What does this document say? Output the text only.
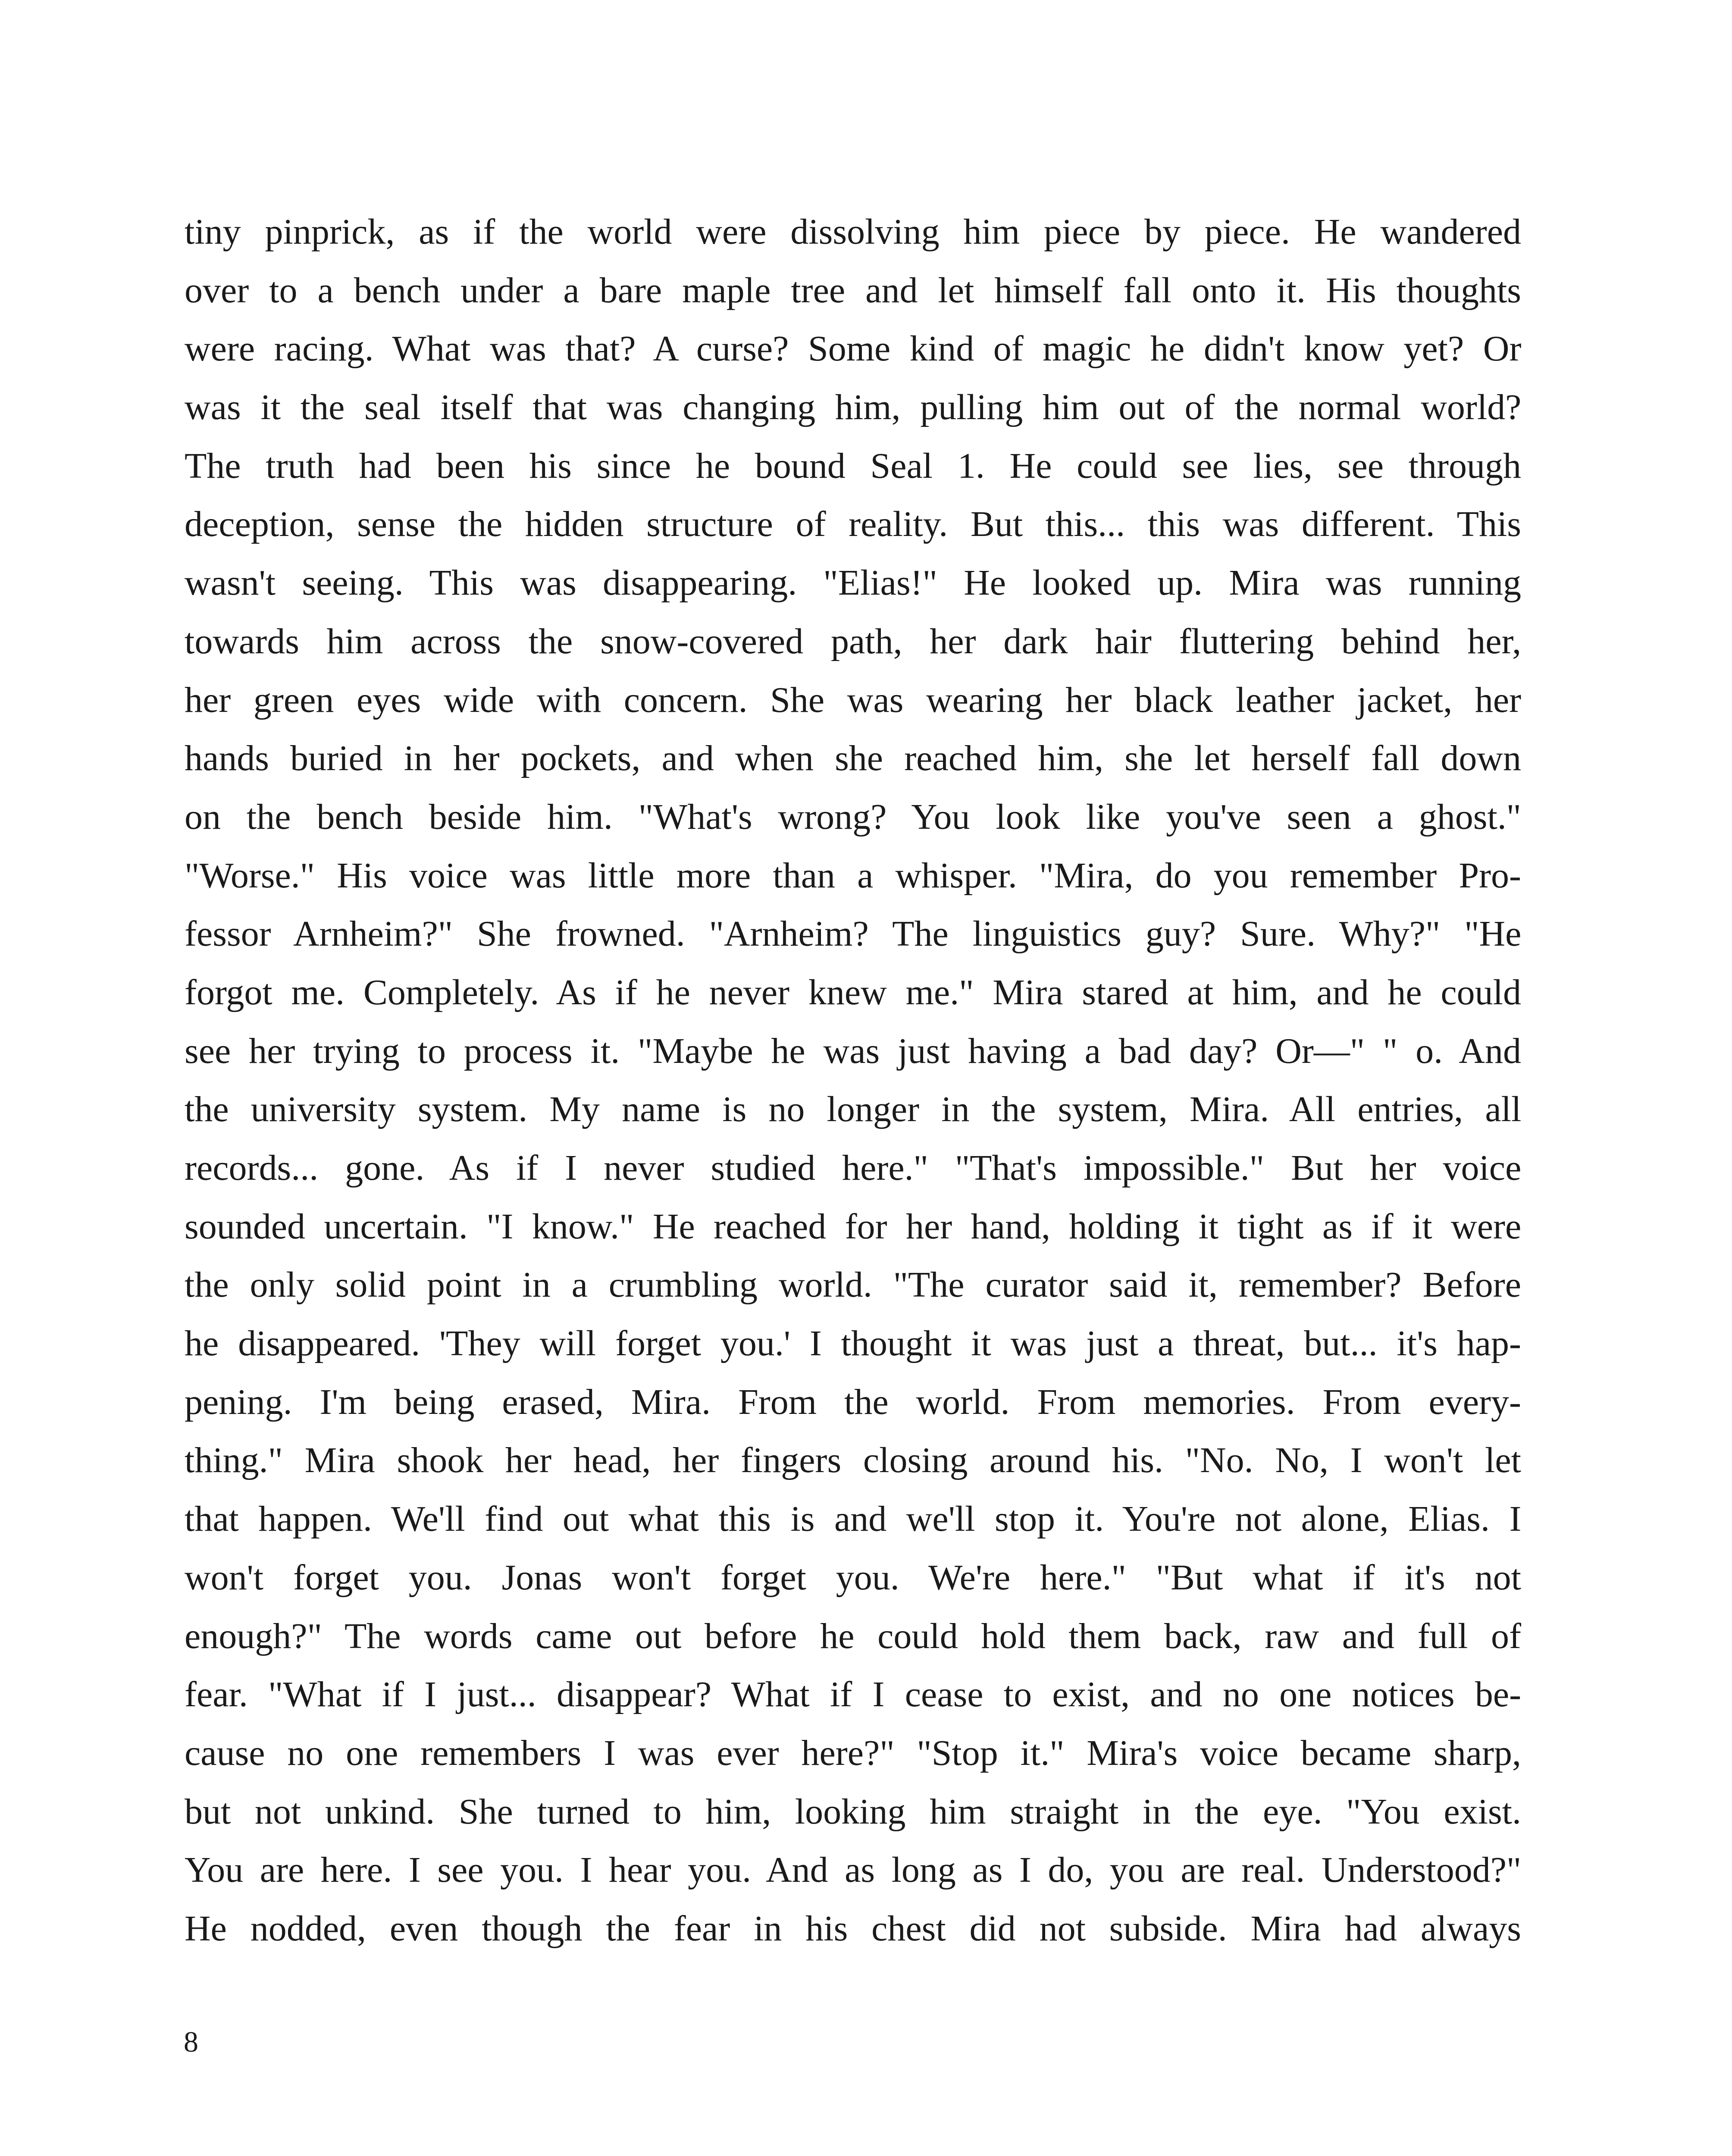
tiny pinprick, as if the world were dissolving him piece by piece. He wandered
over to a bench under a bare maple tree and let himself fall onto it. His thoughts
were racing. What was that? A curse? Some kind of magic he didn't know yet? Or
was it the seal itself that was changing him, pulling him out of the normal world?
The truth had been his since he bound Seal 1. He could see lies, see through
deception, sense the hidden structure of reality. But this... this was different. This
wasn't seeing. This was disappearing. "Elias!" He looked up. Mira was running
towards him across the snow-covered path, her dark hair fluttering behind her,
her green eyes wide with concern. She was wearing her black leather jacket, her
hands buried in her pockets, and when she reached him, she let herself fall down
on the bench beside him. "What's wrong? You look like you've seen a ghost."
"Worse." His voice was little more than a whisper. "Mira, do you remember Pro-
fessor Arnheim?" She frowned. "Arnheim? The linguistics guy? Sure. Why?" "He
forgot me. Completely. As if he never knew me." Mira stared at him, and he could
see her trying to process it. "Maybe he was just having a bad day? Or—" " o. And
the university system. My name is no longer in the system, Mira. All entries, all
records... gone. As if I never studied here." "That's impossible." But her voice
sounded uncertain. "I know." He reached for her hand, holding it tight as if it were
the only solid point in a crumbling world. "The curator said it, remember? Before
he disappeared. 'They will forget you.' I thought it was just a threat, but... it's hap-
pening. I'm being erased, Mira. From the world. From memories. From every-
thing." Mira shook her head, her fingers closing around his. "No. No, I won't let
that happen. We'll find out what this is and we'll stop it. You're not alone, Elias. I
won't forget you. Jonas won't forget you. We're here." "But what if it's not
enough?" The words came out before he could hold them back, raw and full of
fear. "What if I just... disappear? What if I cease to exist, and no one notices be-
cause no one remembers I was ever here?" "Stop it." Mira's voice became sharp,
but not unkind. She turned to him, looking him straight in the eye. "You exist.
You are here. I see you. I hear you. And as long as I do, you are real. Understood?"
He nodded, even though the fear in his chest did not subside. Mira had always
8
